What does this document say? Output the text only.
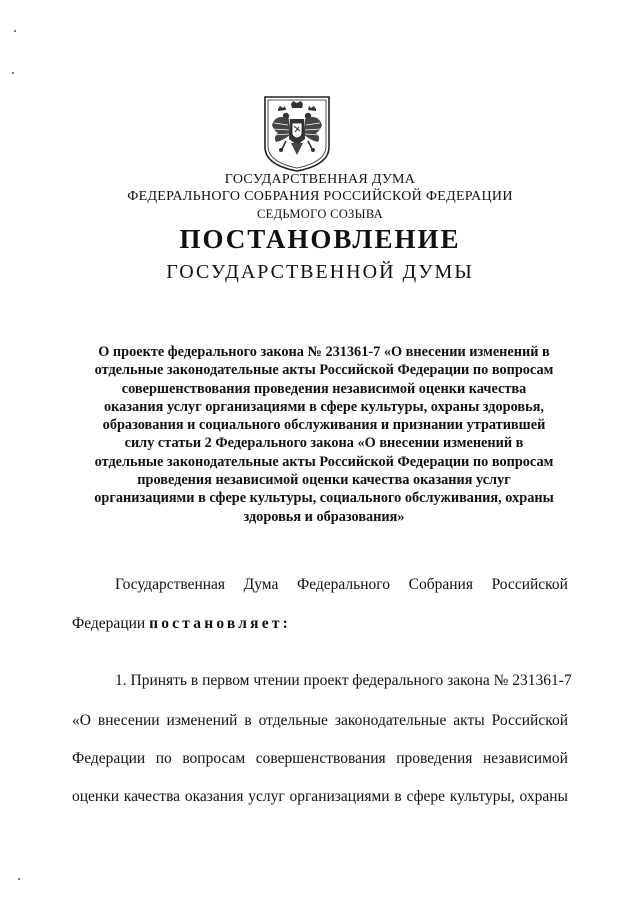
ГОСУДАРСТВЕННАЯ ДУМА
ФЕДЕРАЛЬНОГО СОБРАНИЯ РОССИЙСКОЙ ФЕДЕРАЦИИ
СЕДЬМОГО СОЗЫВА
ПОСТАНОВЛЕНИЕ
ГОСУДАРСТВЕННОЙ ДУМЫ
О проекте федерального закона № 231361-7 «О внесении изменений в
отдельные законодательные акты Российской Федерации по вопросам
совершенствования проведения независимой оценки качества
оказания услуг организациями в сфере культуры, охраны здоровья,
образования и социального обслуживания и признании утратившей
силу статьи 2 Федерального закона «О внесении изменений в
отдельные законодательные акты Российской Федерации по вопросам
проведения независимой оценки качества оказания услуг
организациями в сфере культуры, социального обслуживания, охраны
здоровья и образования»
Государственная Дума Федерального Собрания Российской
Федерации постановляет:
1. Принять в первом чтении проект федерального закона № 231361-7
«О внесении изменений в отдельные законодательные акты Российской
Федерации по вопросам совершенствования проведения независимой
оценки качества оказания услуг организациями в сфере культуры, охраны
